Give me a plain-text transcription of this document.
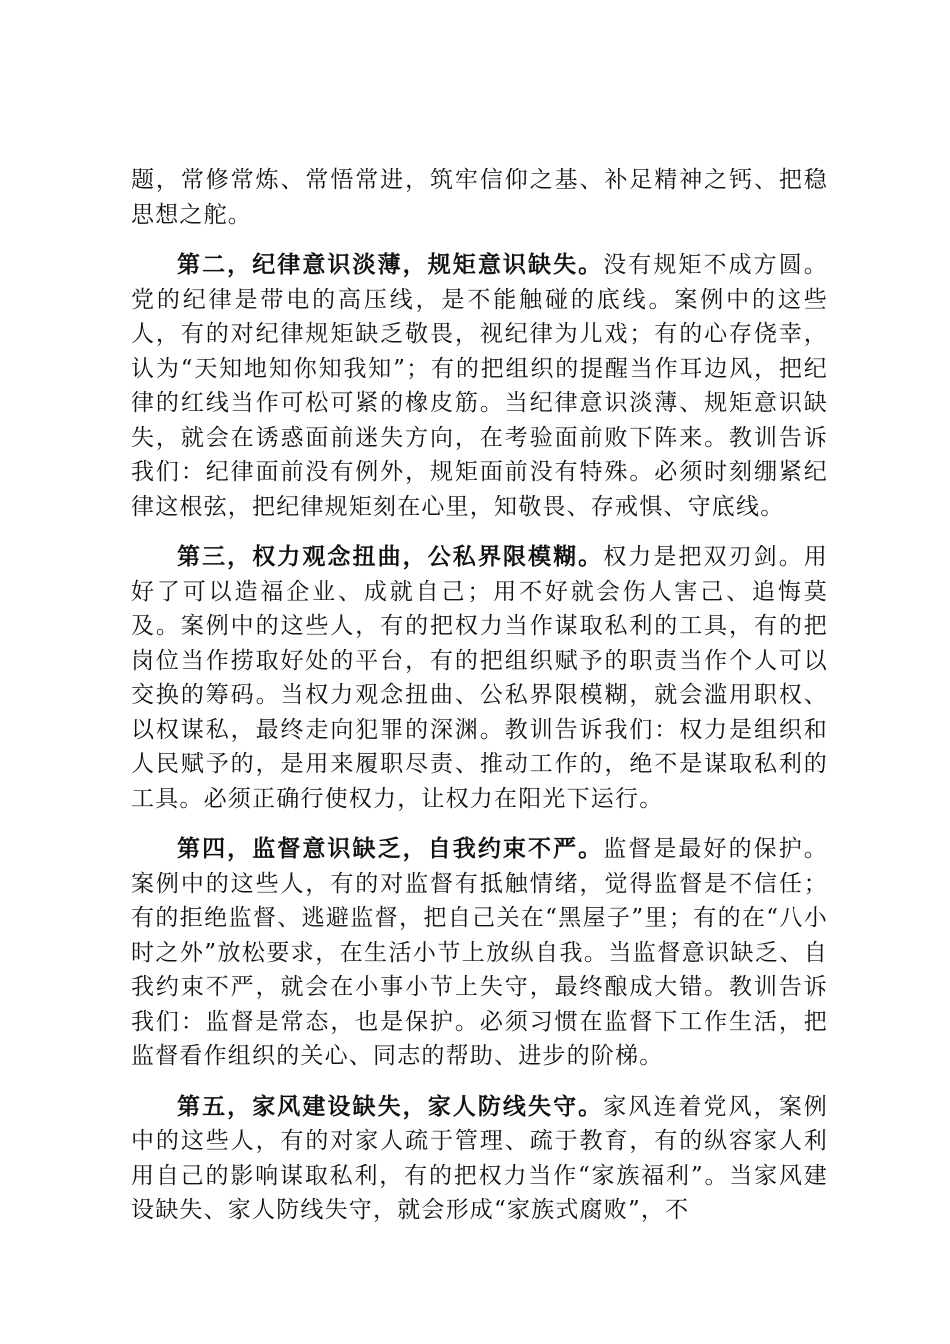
题，常修常炼、常悟常进，筑牢信仰之基、补足精神之钙、把稳思想之舵。

第二，纪律意识淡薄，规矩意识缺失。没有规矩不成方圆。党的纪律是带电的高压线，是不能触碰的底线。案例中的这些人，有的对纪律规矩缺乏敬畏，视纪律为儿戏；有的心存侥幸，认为“天知地知你知我知”；有的把组织的提醒当作耳边风，把纪律的红线当作可松可紧的橡皮筋。当纪律意识淡薄、规矩意识缺失，就会在诱惑面前迷失方向，在考验面前败下阵来。教训告诉我们：纪律面前没有例外，规矩面前没有特殊。必须时刻绷紧纪律这根弦，把纪律规矩刻在心里，知敬畏、存戒惧、守底线。

第三，权力观念扭曲，公私界限模糊。权力是把双刃剑。用好了可以造福企业、成就自己；用不好就会伤人害己、追悔莫及。案例中的这些人，有的把权力当作谋取私利的工具，有的把岗位当作捞取好处的平台，有的把组织赋予的职责当作个人可以交换的筹码。当权力观念扭曲、公私界限模糊，就会滥用职权、以权谋私，最终走向犯罪的深渊。教训告诉我们：权力是组织和人民赋予的，是用来履职尽责、推动工作的，绝不是谋取私利的工具。必须正确行使权力，让权力在阳光下运行。

第四，监督意识缺乏，自我约束不严。监督是最好的保护。案例中的这些人，有的对监督有抵触情绪，觉得监督是不信任；有的拒绝监督、逃避监督，把自己关在“黑屋子”里；有的在“八小时之外”放松要求，在生活小节上放纵自我。当监督意识缺乏、自我约束不严，就会在小事小节上失守，最终酿成大错。教训告诉我们：监督是常态，也是保护。必须习惯在监督下工作生活，把监督看作组织的关心、同志的帮助、进步的阶梯。

第五，家风建设缺失，家人防线失守。家风连着党风，案例中的这些人，有的对家人疏于管理、疏于教育，有的纵容家人利用自己的影响谋取私利，有的把权力当作“家族福利”。当家风建设缺失、家人防线失守，就会形成“家族式腐败”，不
